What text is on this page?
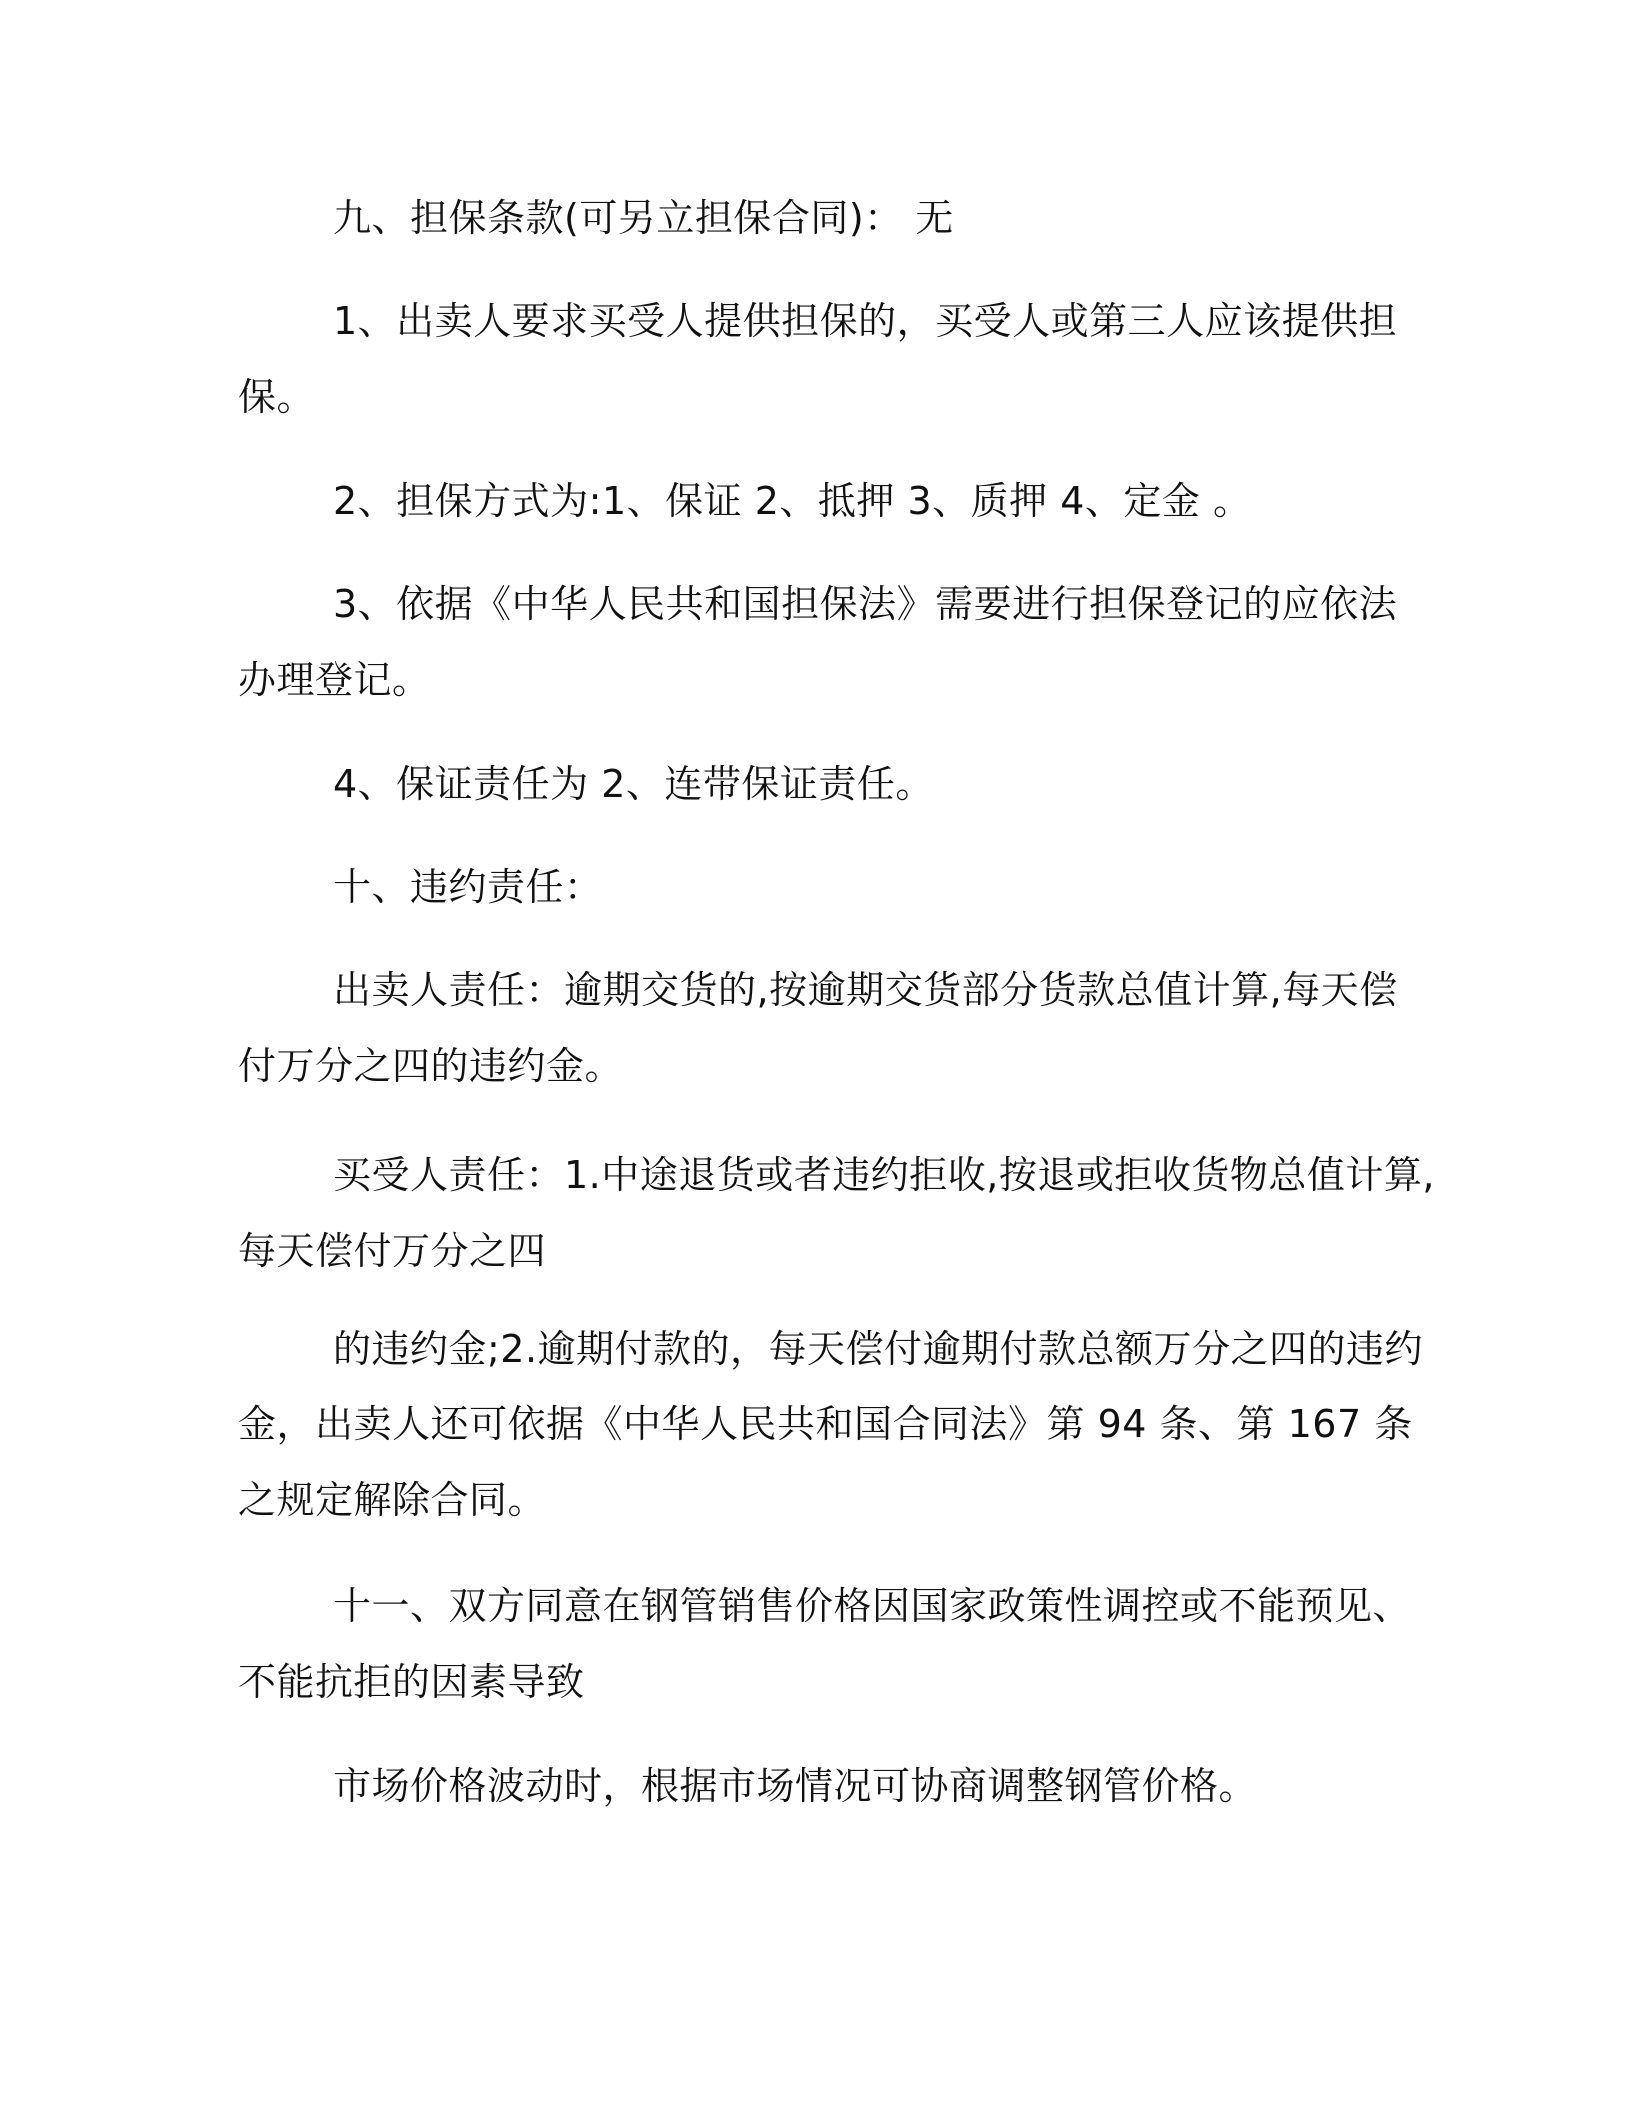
九、担保条款(可另立担保合同)： 无
1、出卖人要求买受人提供担保的，买受人或第三人应该提供担
保。
2、担保方式为:1、保证 2、抵押 3、质押 4、定金 。
3、依据《中华人民共和国担保法》需要进行担保登记的应依法
办理登记。
4、保证责任为 2、连带保证责任。
十、违约责任：
出卖人责任：逾期交货的,按逾期交货部分货款总值计算,每天偿
付万分之四的违约金。
买受人责任：1.中途退货或者违约拒收,按退或拒收货物总值计算,
每天偿付万分之四
的违约金;2.逾期付款的，每天偿付逾期付款总额万分之四的违约
金，出卖人还可依据《中华人民共和国合同法》第 94 条、第 167 条
之规定解除合同。
十一、双方同意在钢管销售价格因国家政策性调控或不能预见、
不能抗拒的因素导致
市场价格波动时，根据市场情况可协商调整钢管价格。
